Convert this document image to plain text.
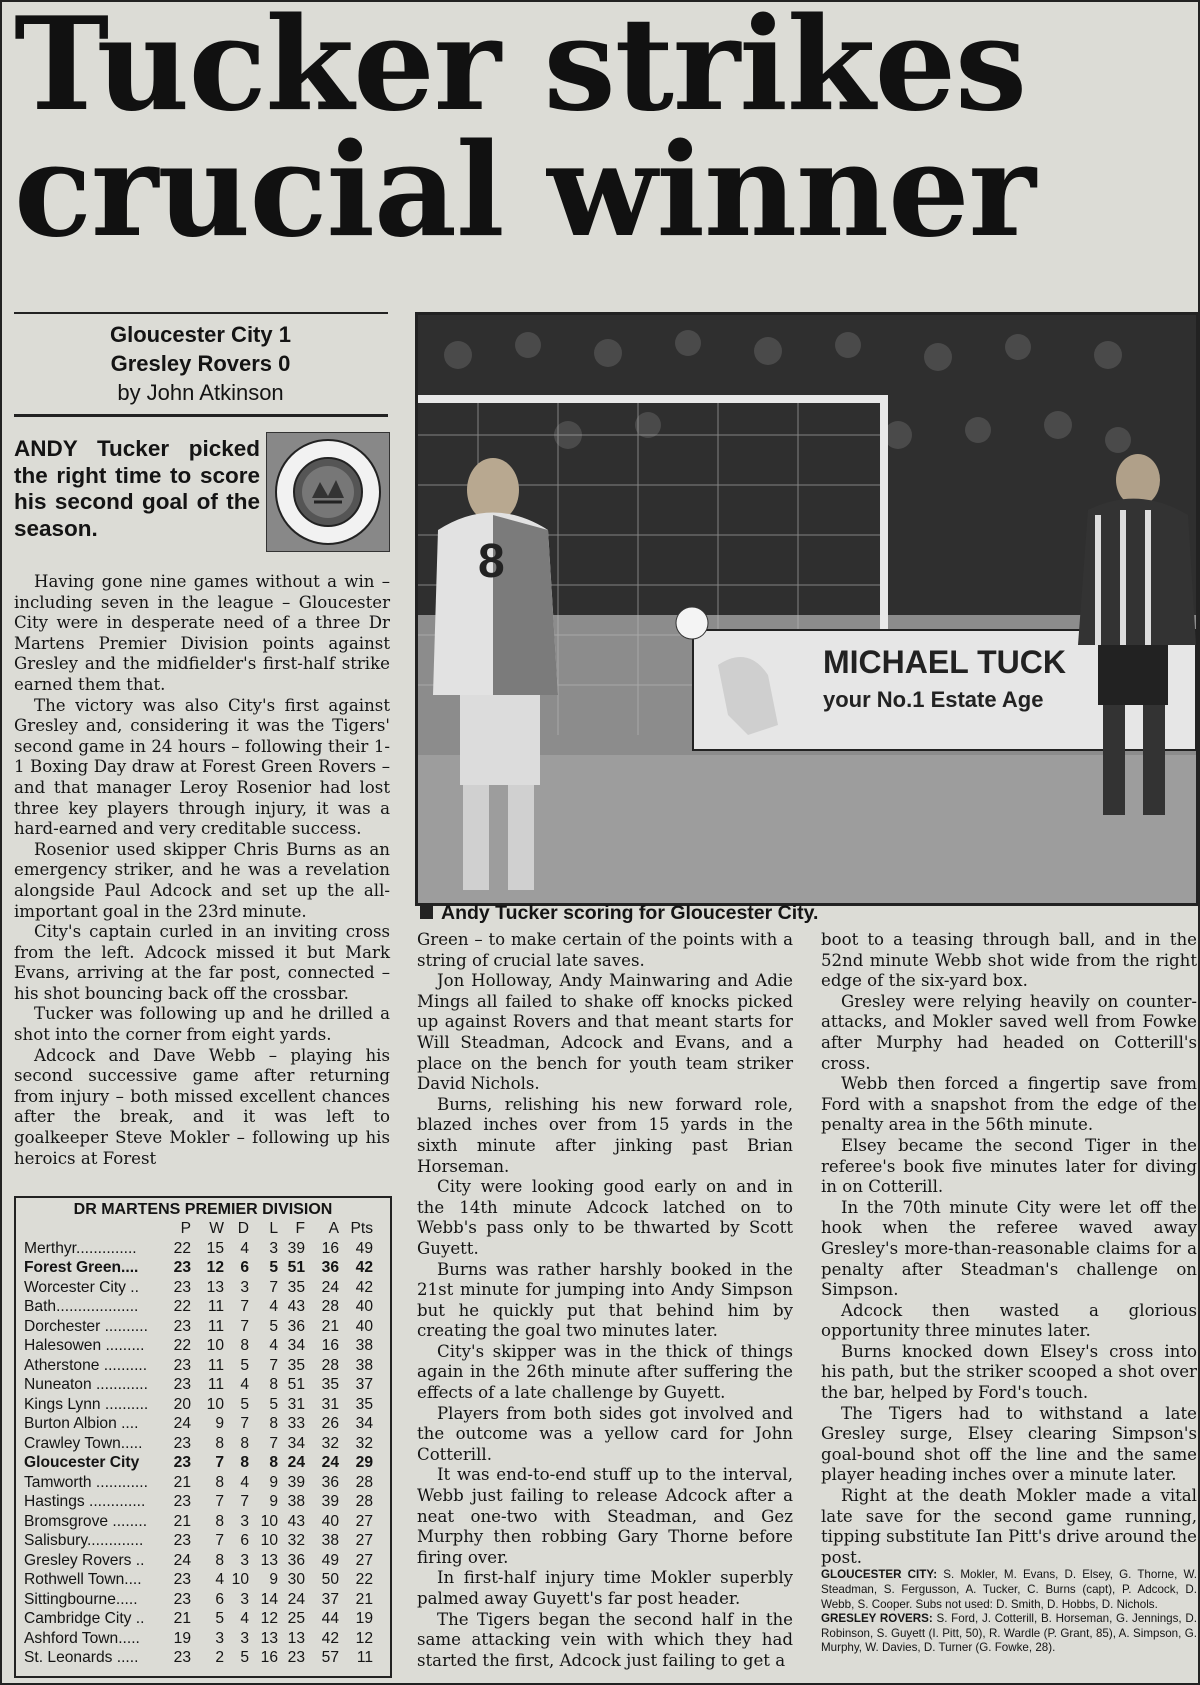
Tucker strikes
crucial winner
Gloucester City 1
Gresley Rovers 0
by John Atkinson

ANDY Tucker picked the right time to score his second goal of the season.

Having gone nine games without a win – including seven in the league – Gloucester City were in desperate need of a three Dr Martens Premier Division points against Gresley and the midfielder's first-half strike earned them that.

The victory was also City's first against Gresley and, considering it was the Tigers' second game in 24 hours – following their 1-1 Boxing Day draw at Forest Green Rovers – and that manager Leroy Rosenior had lost three key players through injury, it was a hard-earned and very creditable success.

Rosenior used skipper Chris Burns as an emergency striker, and he was a revelation alongside Paul Adcock and set up the all-important goal in the 23rd minute.

City's captain curled in an inviting cross from the left. Adcock missed it but Mark Evans, arriving at the far post, connected – his shot bouncing back off the crossbar.

Tucker was following up and he drilled a shot into the corner from eight yards.

Adcock and Dave Webb – playing his second successive game after returning from injury – both missed excellent chances after the break, and it was left to goalkeeper Steve Mokler – following up his heroics at Forest

MICHAEL TUCK
your No.1 Estate Age
8
Andy Tucker scoring for Gloucester City.

Green – to make certain of the points with a string of crucial late saves.

Jon Holloway, Andy Mainwaring and Adie Mings all failed to shake off knocks picked up against Rovers and that meant starts for Will Steadman, Adcock and Evans, and a place on the bench for youth team striker David Nichols.

Burns, relishing his new forward role, blazed inches over from 15 yards in the sixth minute after jinking past Brian Horseman.

City were looking good early on and in the 14th minute Adcock latched on to Webb's pass only to be thwarted by Scott Guyett.

Burns was rather harshly booked in the 21st minute for jumping into Andy Simpson but he quickly put that behind him by creating the goal two minutes later.

City's skipper was in the thick of things again in the 26th minute after suffering the effects of a late challenge by Guyett.

Players from both sides got involved and the outcome was a yellow card for John Cotterill.

It was end-to-end stuff up to the interval, Webb just failing to release Adcock after a neat one-two with Steadman, and Gez Murphy then robbing Gary Thorne before firing over.

In first-half injury time Mokler superbly palmed away Guyett's far post header.

The Tigers began the second half in the same attacking vein with which they had started the first, Adcock just failing to get a

boot to a teasing through ball, and in the 52nd minute Webb shot wide from the right edge of the six-yard box.

Gresley were relying heavily on counter-attacks, and Mokler saved well from Fowke after Murphy had headed on Cotterill's cross.

Webb then forced a fingertip save from Ford with a snapshot from the edge of the penalty area in the 56th minute.

Elsey became the second Tiger in the referee's book five minutes later for diving in on Cotterill.

In the 70th minute City were let off the hook when the referee waved away Gresley's more-than-reasonable claims for a penalty after Steadman's challenge on Simpson.

Adcock then wasted a glorious opportunity three minutes later.

Burns knocked down Elsey's cross into his path, but the striker scooped a shot over the bar, helped by Ford's touch.

The Tigers had to withstand a late Gresley surge, Elsey clearing Simpson's goal-bound shot off the line and the same player heading inches over a minute later.

Right at the death Mokler made a vital late save for the second game running, tipping substitute Ian Pitt's drive around the post.

GLOUCESTER CITY: S. Mokler, M. Evans, D. Elsey, G. Thorne, W. Steadman, S. Fergusson, A. Tucker, C. Burns (capt), P. Adcock, D. Webb, S. Cooper. Subs not used: D. Smith, D. Hobbs, D. Nichols.

GRESLEY ROVERS: S. Ford, J. Cotterill, B. Horseman, G. Jennings, D. Robinson, S. Guyett (I. Pitt, 50), R. Wardle (P. Grant, 85), A. Simpson, G. Murphy, W. Davies, D. Turner (G. Fowke, 28).

DR MARTENS PREMIER DIVISION
P	W D	L	F	A Pts
Merthyr..............	22	15	4	3 39	16	49
Forest Green....	23	12	6	5 51	36	42
Worcester City ..	23	13	3	7 35	24	42
Bath...................	22	11	7	4 43	28	40
Dorchester ..........	23	11	7	5 36	21	40
Halesowen .........	22	10	8	4 34	16	38
Atherstone ..........	23	11	5	7 35	28	38
Nuneaton ............	23	11	4	8 51	35	37
Kings Lynn ..........	20	10	5	5 31	31	35
Burton Albion ....	24	9	7	8 33	26	34
Crawley Town.....	23	8	8	7 34	32	32
Gloucester City	23	7	8	8 24	24	29
Tamworth ............	21	8	4	9 39	36	28
Hastings .............	23	7	7	9 38	39	28
Bromsgrove ........	21	8	3 10 43	40	27
Salisbury.............	23	7	6 10 32	38	27
Gresley Rovers ..	24	8	3 13 36	49	27
Rothwell Town....	23	4 10	9 30	50	22
Sittingbourne.....	23	6	3 14 24	37	21
Cambridge City ..	21	5	4 12 25	44	19
Ashford Town.....	19	3	3 13 13	42	12
St. Leonards .....	23	2	5 16 23	57	11
